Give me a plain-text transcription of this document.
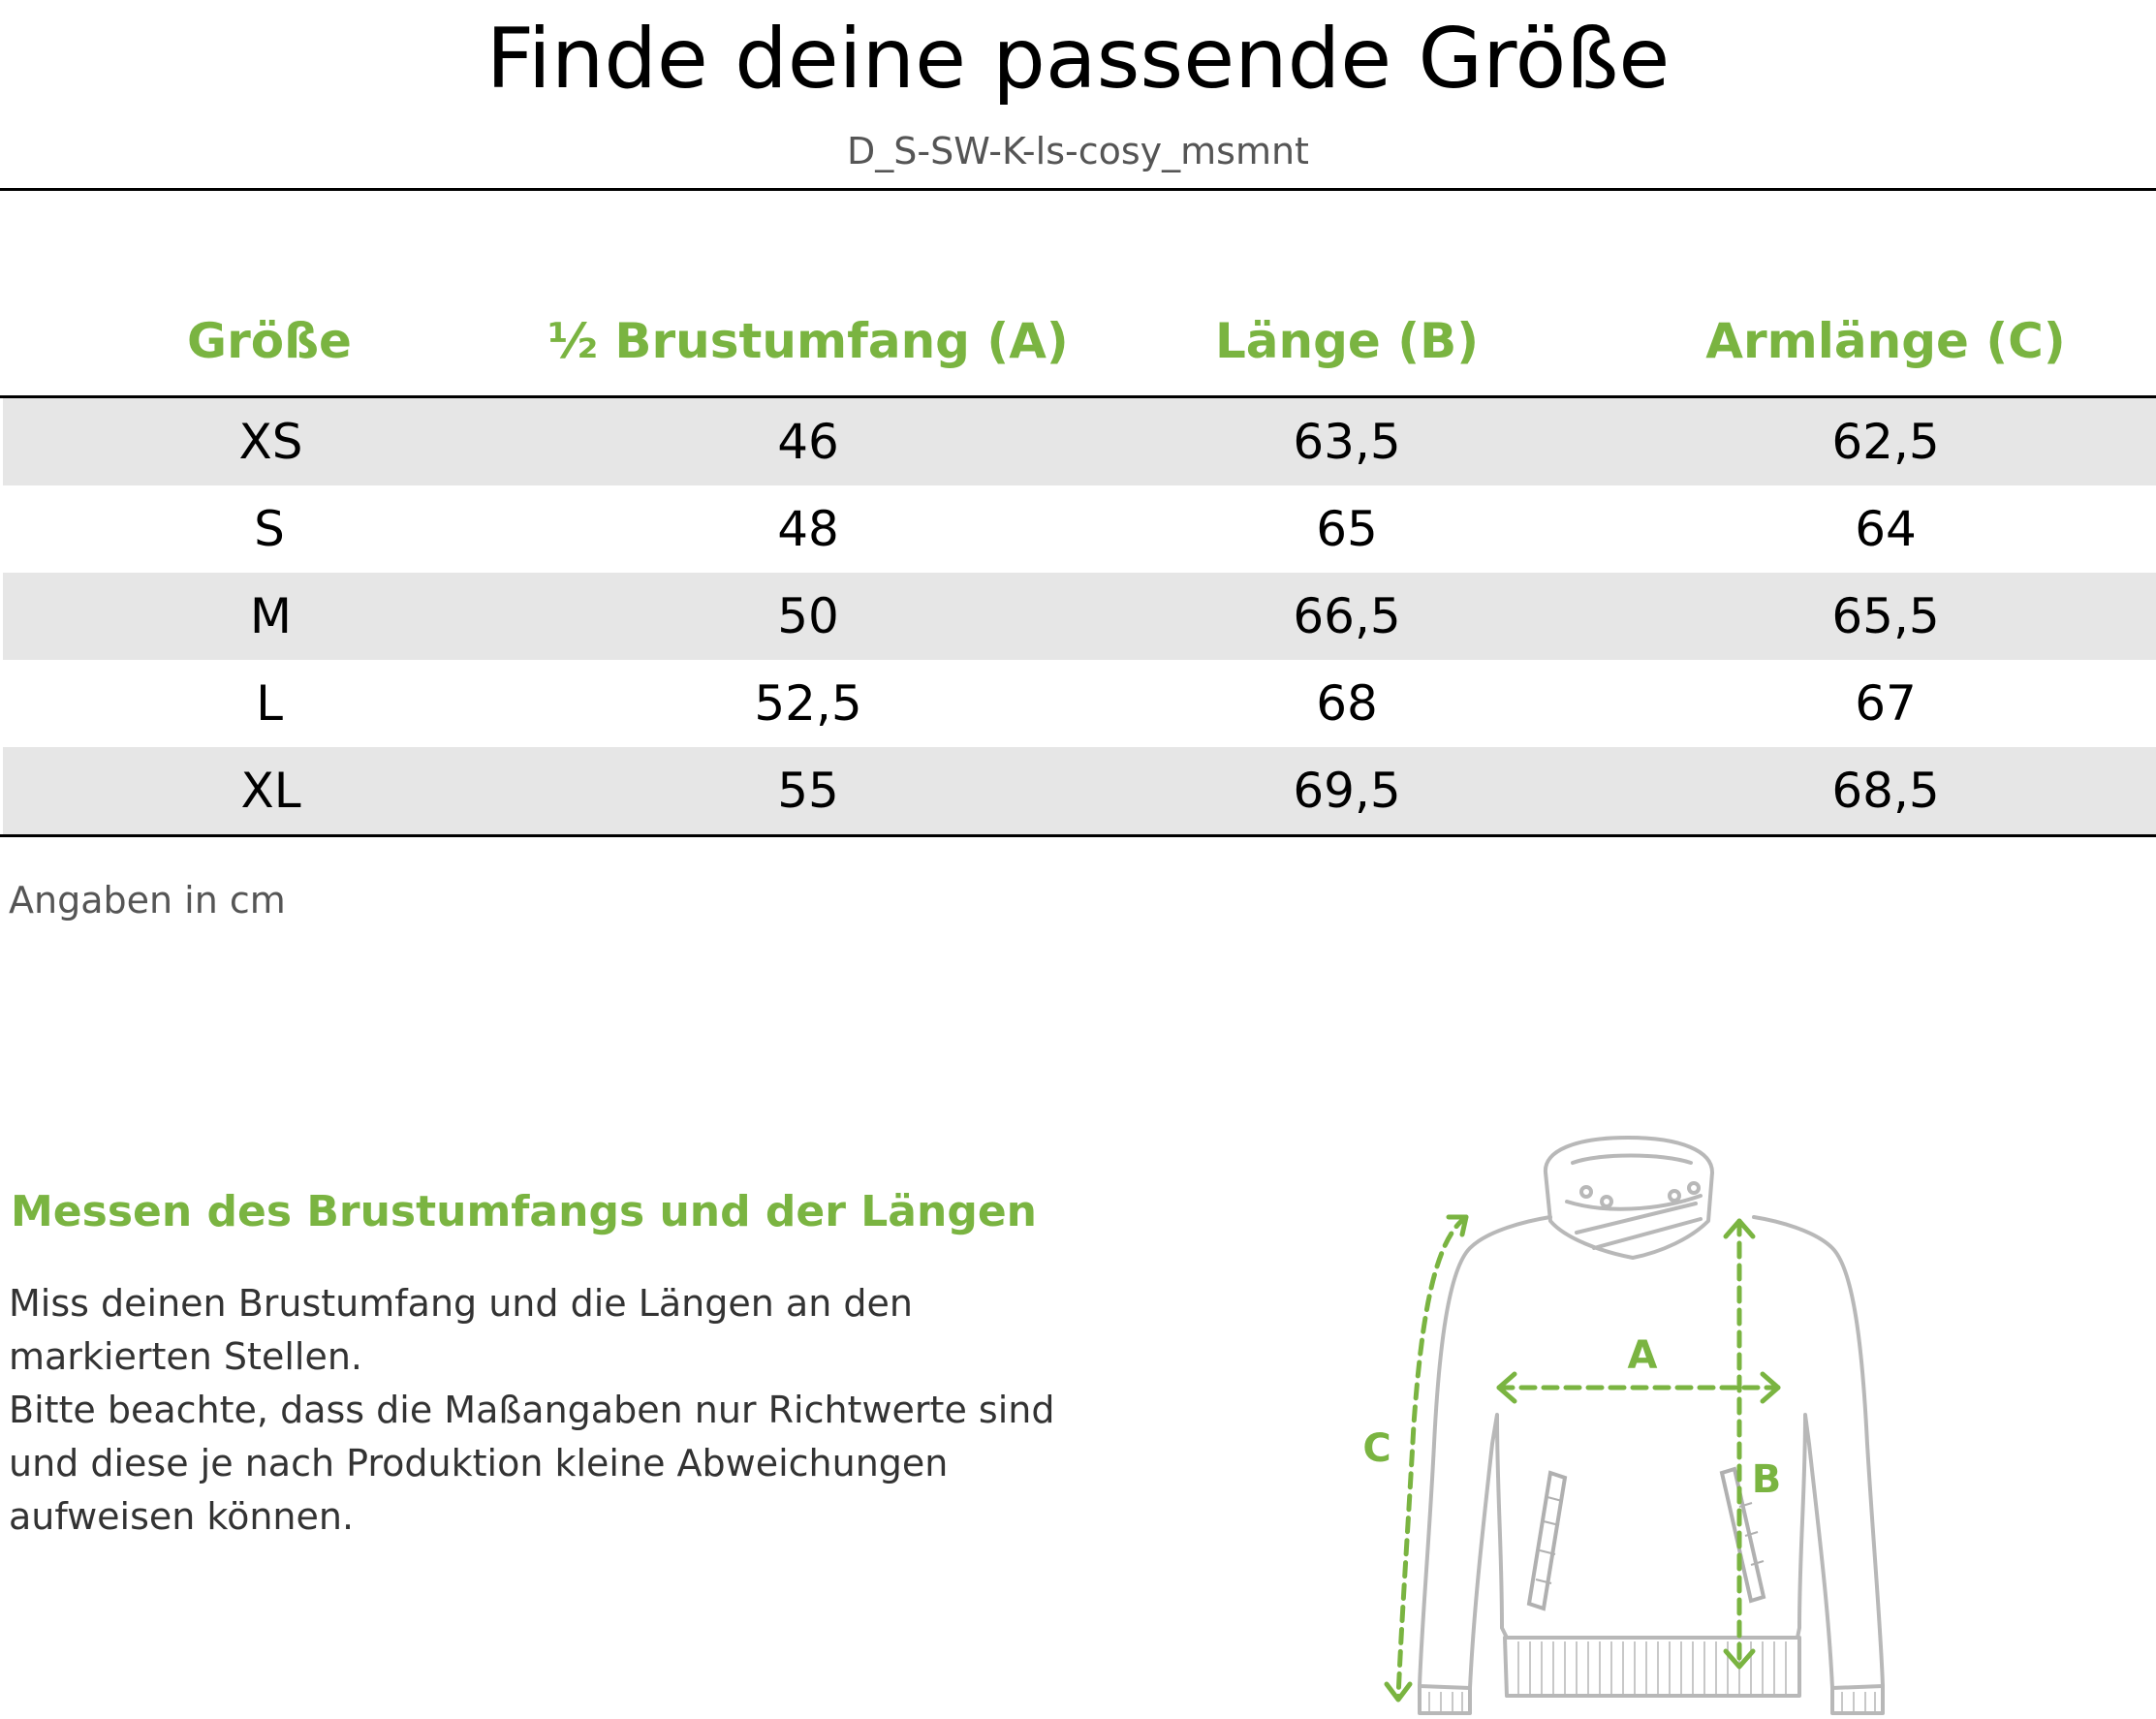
Finde deine passende Größe
D_S-SW-K-ls-cosy_msmnt
Größe	½ Brustumfang (A)	Länge (B)	Armlänge (C)
XS	46	63,5	62,5
S	48	65	64
M	50	66,5	65,5
L	52,5	68	67
XL	55	69,5	68,5
Angaben in cm
Messen des Brustumfangs und der Längen

Miss deinen Brustumfang und die Längen an den markierten Stellen.

Bitte beachte, dass die Maßangaben nur Richtwerte sind und diese je nach Produktion kleine Abweichungen aufweisen können.

A
B
C
